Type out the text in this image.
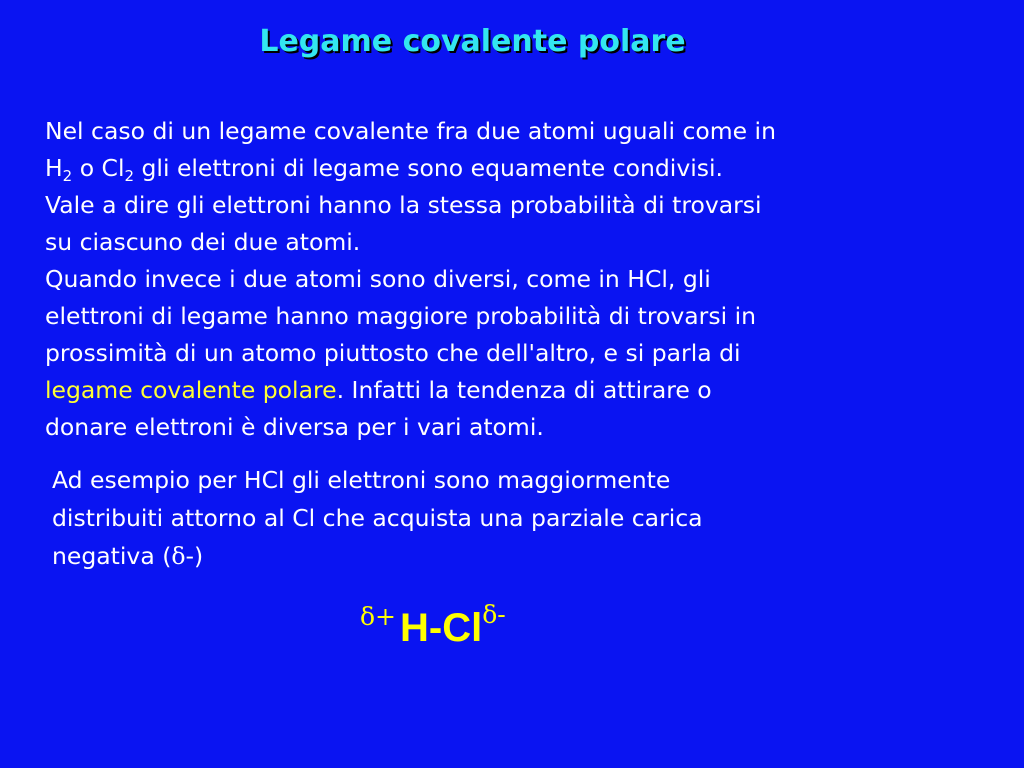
Legame covalente polare
Nel caso di un legame covalente fra due atomi uguali come in
$H_2$ o $Cl_2$ gli elettroni di legame sono equamente condivisi.
Vale a dire gli elettroni hanno la stessa probabilità di trovarsi
su ciascuno dei due atomi.
Quando invece i due atomi sono diversi, come in HCl, gli
elettroni di legame hanno maggiore probabilità di trovarsi in
prossimità di un atomo piuttosto che dell'altro, e si parla di
legame covalente polare. Infatti la tendenza di attirare o
donare elettroni è diversa per i vari atomi.
Ad esempio per HCl gli elettroni sono maggiormente
distribuiti attorno al Cl che acquista una parziale carica
negativa (δ-)
δ+ H-Clδ-
